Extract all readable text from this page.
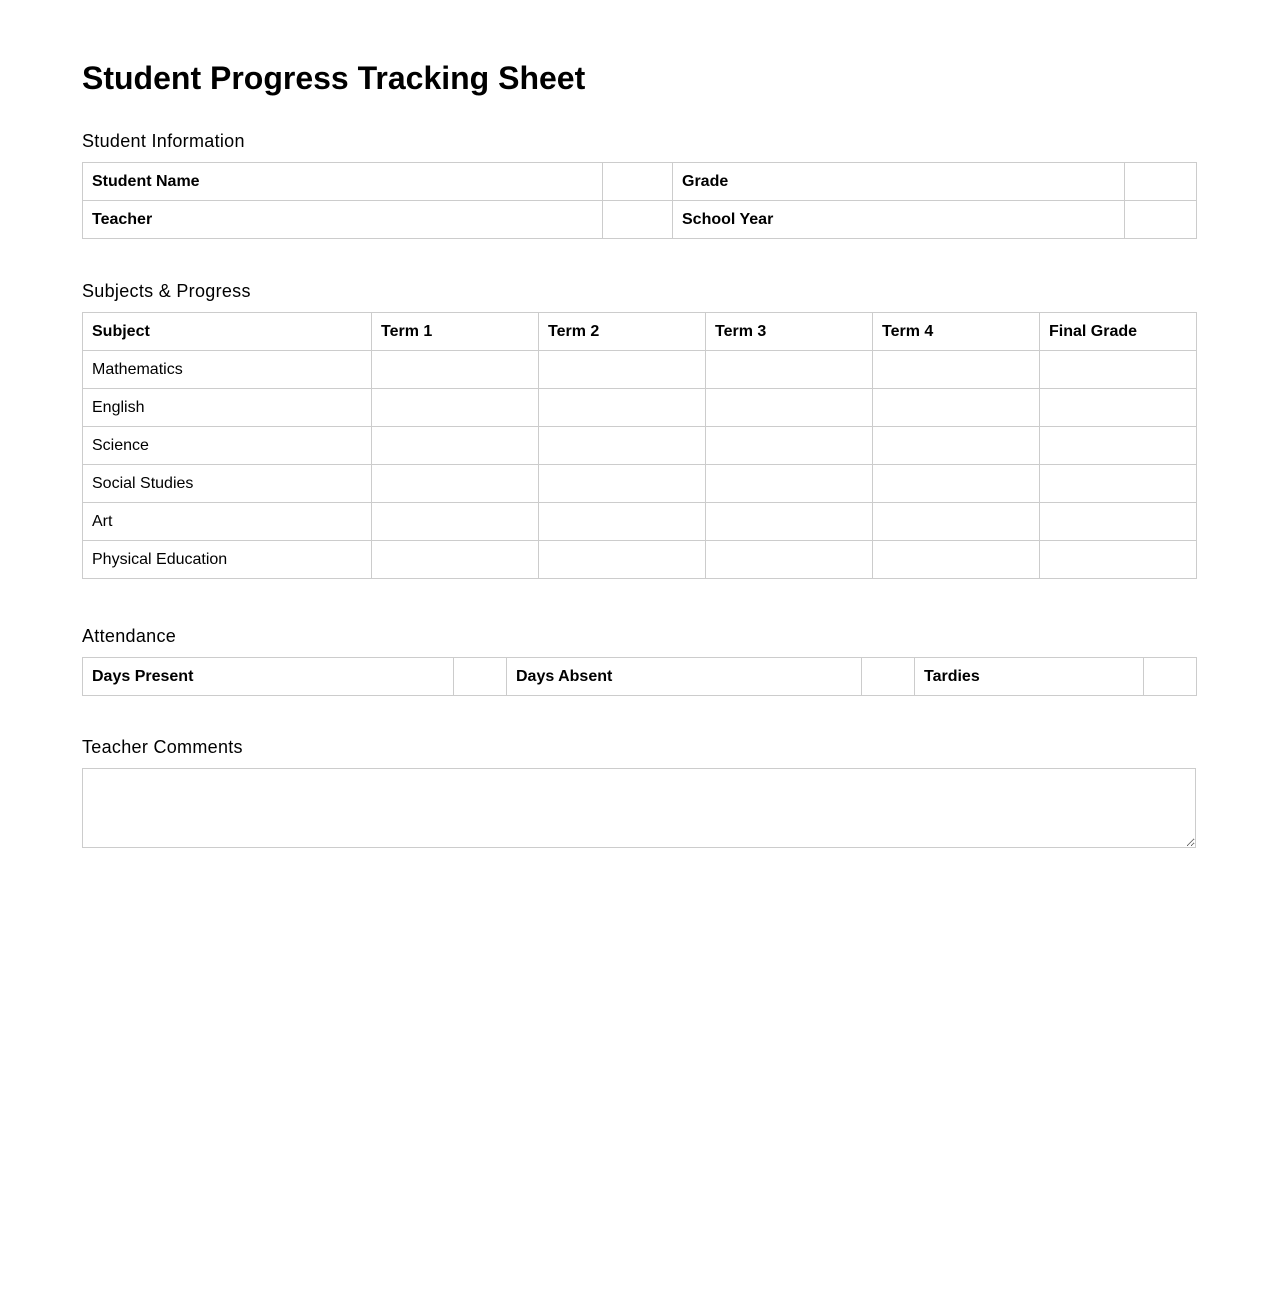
Student Progress Tracking Sheet
Student Information
Student Name		Grade	
Teacher		School Year	
Subjects & Progress
Subject	Term 1	Term 2	Term 3	Term 4	Final Grade
Mathematics					
English					
Science					
Social Studies					
Art					
Physical Education					
Attendance
Days Present		Days Absent		Tardies	
Teacher Comments
